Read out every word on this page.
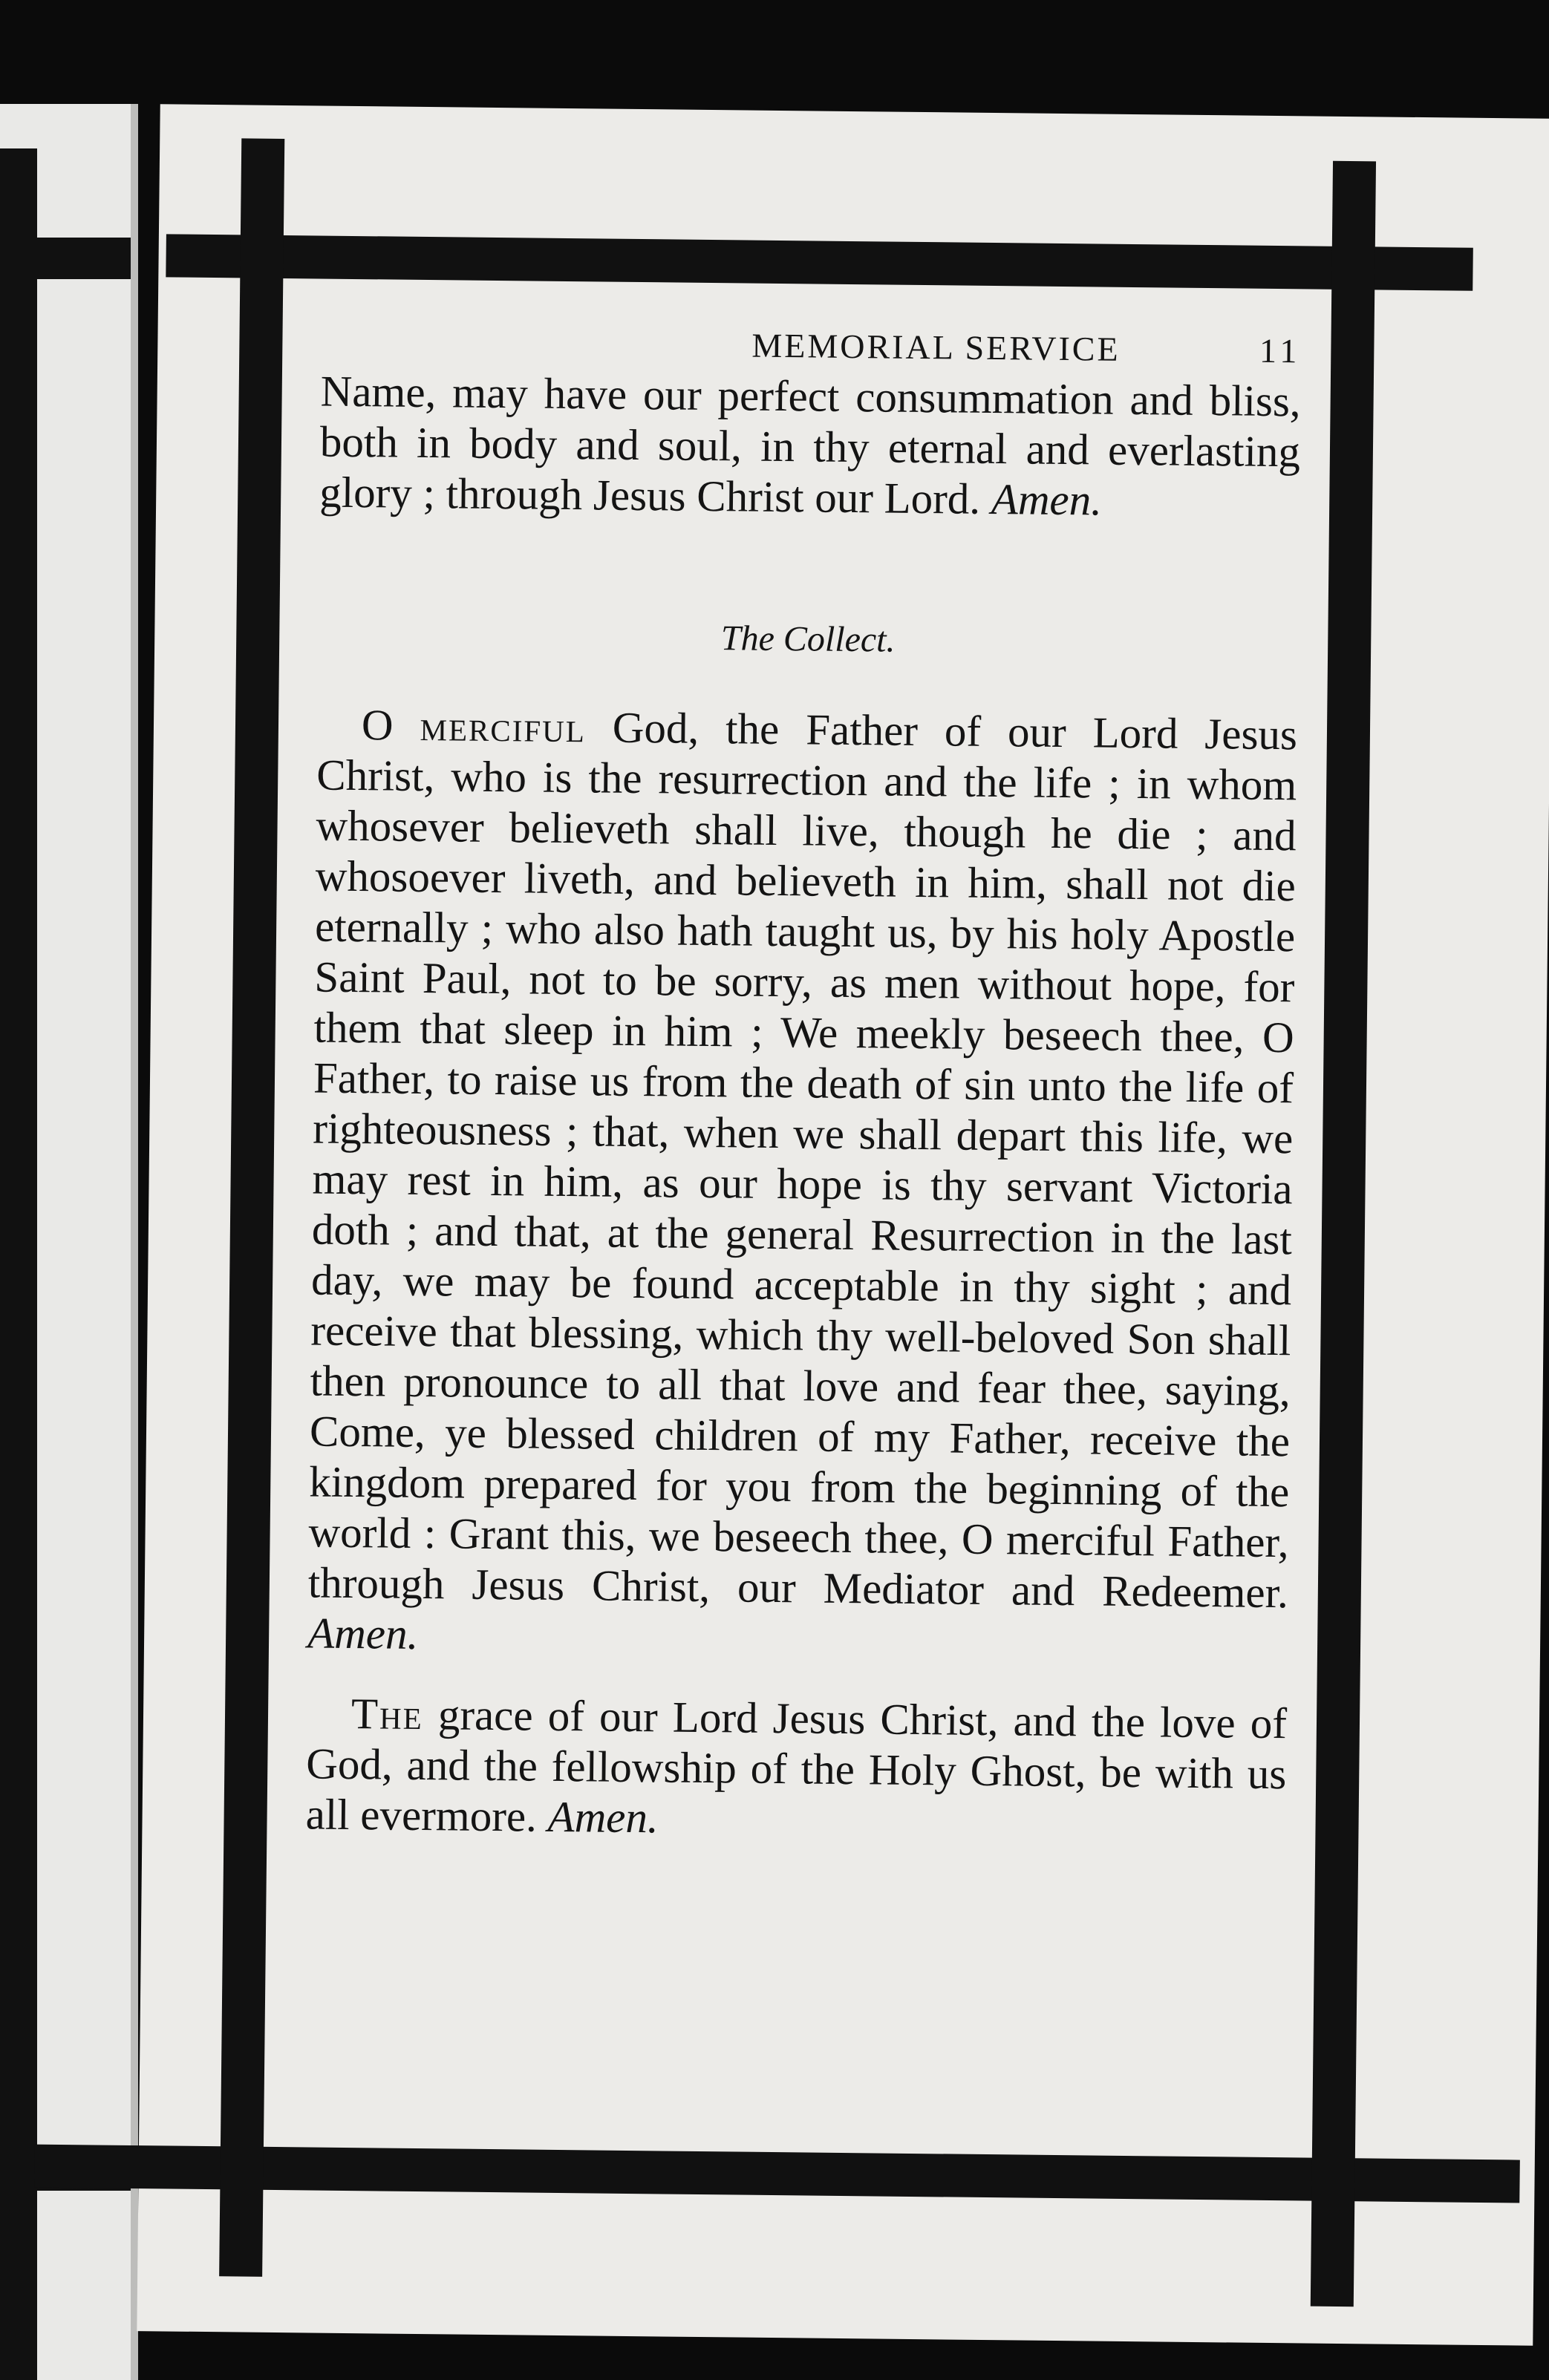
MEMORIAL SERVICE	11

Name, may have our perfect consummation and bliss, both in body and soul, in thy eternal and everlasting glory ; through Jesus Christ our Lord. Amen.

The Collect.

O merciful God, the Father of our Lord Jesus Christ, who is the resurrection and the life ; in whom whosever believeth shall live, though he die ; and whosoever liveth, and believeth in him, shall not die eternally ; who also hath taught us, by his holy Apostle Saint Paul, not to be sorry, as men without hope, for them that sleep in him ; We meekly beseech thee, O Father, to raise us from the death of sin unto the life of righteousness ; that, when we shall depart this life, we may rest in him, as our hope is thy servant Victoria doth ; and that, at the general Resurrection in the last day, we may be found acceptable in thy sight ; and receive that blessing, which thy well-beloved Son shall then pronounce to all that love and fear thee, saying, Come, ye blessed children of my Father, receive the kingdom prepared for you from the beginning of the world : Grant this, we beseech thee, O merciful Father, through Jesus Christ, our Mediator and Redeemer. Amen.

The grace of our Lord Jesus Christ, and the love of God, and the fellowship of the Holy Ghost, be with us all evermore. Amen.
